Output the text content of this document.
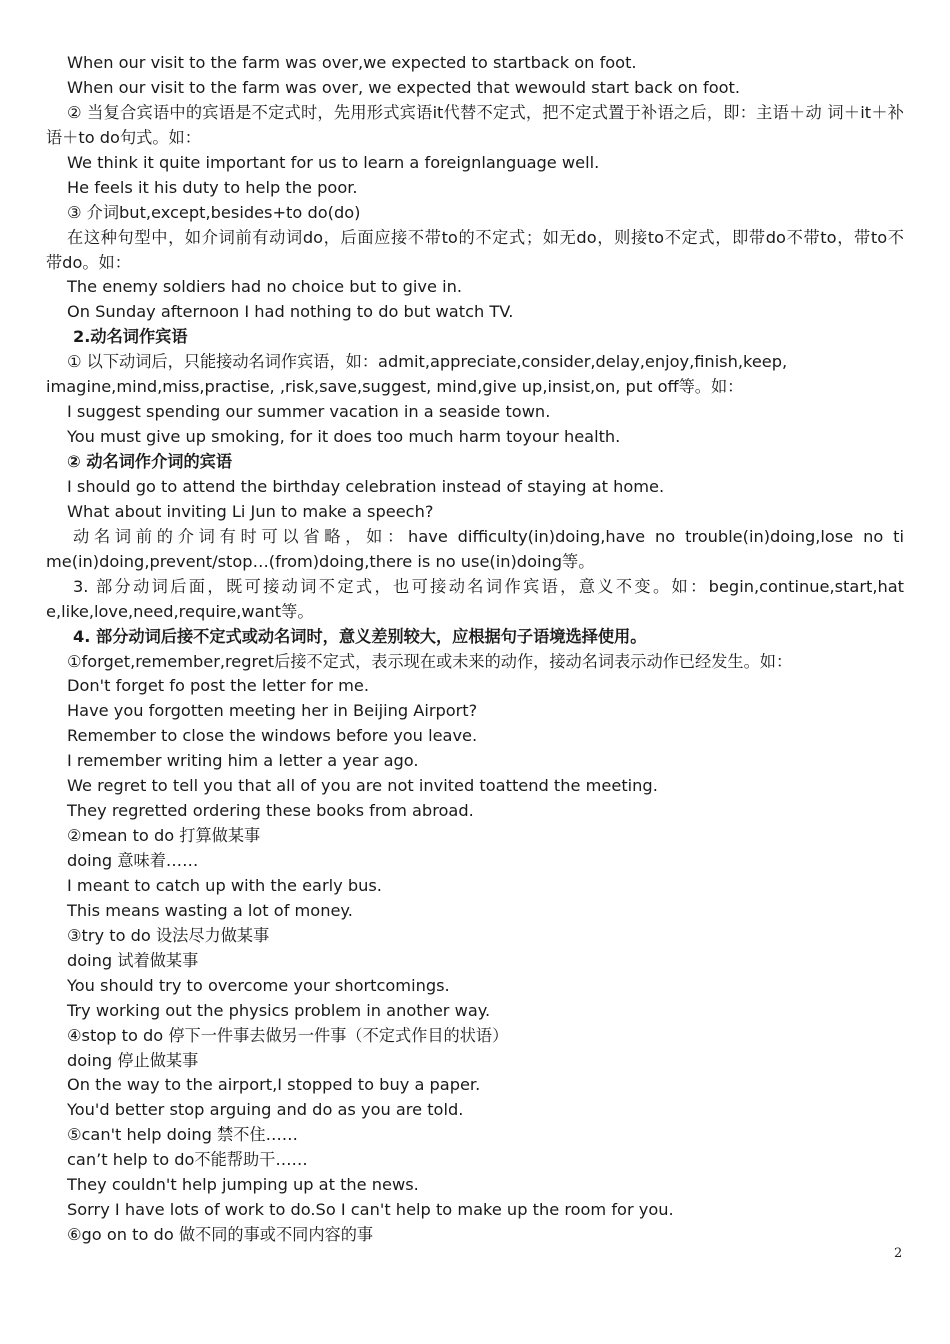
When our visit to the farm was over,we expected to startback on foot.
When our visit to the farm was over, we expected that wewould start back on foot.
② 当复合宾语中的宾语是不定式时，先用形式宾语it代替不定式，把不定式置于补语之后，即：主语＋动 词＋it＋补
语＋to do句式。如：
We think it quite important for us to learn a foreignlanguage well.
He feels it his duty to help the poor.
③ 介词but,except,besides+to do(do)
在这种句型中，如介词前有动词do，后面应接不带to的不定式；如无do，则接to不定式，即带do不带to，带to不
带do。如：
The enemy soldiers had no choice but to give in.
On Sunday afternoon I had nothing to do but watch TV.
2.动名词作宾语
① 以下动词后，只能接动名词作宾语，如：admit,appreciate,consider,delay,enjoy,finish,keep,
imagine,mind,miss,practise, ,risk,save,suggest, mind,give up,insist,on, put off等。如：
I suggest spending our summer vacation in a seaside town.
You must give up smoking, for it does too much harm toyour health.
② 动名词作介词的宾语
I should go to attend the birthday celebration instead of staying at home.
What about inviting Li Jun to make a speech?
动名词前的介词有时可以省略，如：have difficulty(in)doing,have no trouble(in)doing,lose no ti
me(in)doing,prevent/stop…(from)doing,there is no use(in)doing等。
3. 部分动词后面，既可接动词不定式，也可接动名词作宾语，意义不变。如：begin,continue,start,hat
e,like,love,need,require,want等。
4. 部分动词后接不定式或动名词时，意义差别较大，应根据句子语境选择使用。
①forget,remember,regret后接不定式，表示现在或未来的动作，接动名词表示动作已经发生。如：
Don't forget fo post the letter for me.
Have you forgotten meeting her in Beijing Airport?
Remember to close the windows before you leave.
I remember writing him a letter a year ago.
We regret to tell you that all of you are not invited toattend the meeting.
They regretted ordering these books from abroad.
②mean to do 打算做某事
doing 意味着……
I meant to catch up with the early bus.
This means wasting a lot of money.
③try to do 设法尽力做某事
doing 试着做某事
You should try to overcome your shortcomings.
Try working out the physics problem in another way.
④stop to do 停下一件事去做另一件事（不定式作目的状语）
doing 停止做某事
On the way to the airport,I stopped to buy a paper.
You'd better stop arguing and do as you are told.
⑤can't help doing 禁不住……
can’t help to do不能帮助干……
They couldn't help jumping up at the news.
Sorry I have lots of work to do.So I can't help to make up the room for you.
⑥go on to do 做不同的事或不同内容的事
2
